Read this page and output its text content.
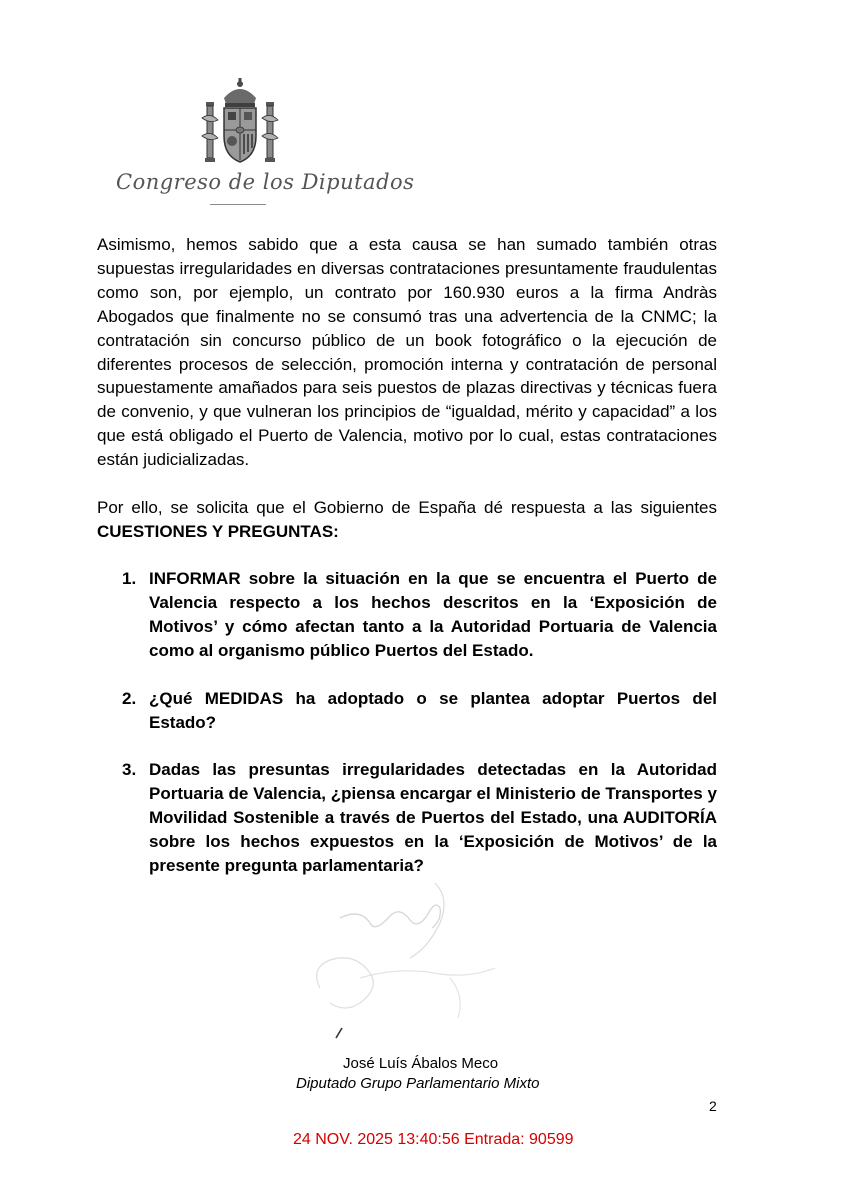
Congreso de los Diputados

Asimismo, hemos sabido que a esta causa se han sumado también otras supuestas irregularidades en diversas contrataciones presuntamente fraudulentas como son, por ejemplo, un contrato por 160.930 euros a la firma Andràs Abogados que finalmente no se consumó tras una advertencia de la CNMC; la contratación sin concurso público de un book fotográfico o la ejecución de diferentes procesos de selección, promoción interna y contratación de personal supuestamente amañados para seis puestos de plazas directivas y técnicas fuera de convenio, y que vulneran los principios de “igualdad, mérito y capacidad” a los que está obligado el Puerto de Valencia, motivo por lo cual, estas contrataciones están judicializadas.

Por ello, se solicita que el Gobierno de España dé respuesta a las siguientes CUESTIONES Y PREGUNTAS:

1. INFORMAR sobre la situación en la que se encuentra el Puerto de Valencia respecto a los hechos descritos en la ‘Exposición de Motivos’ y cómo afectan tanto a la Autoridad Portuaria de Valencia como al organismo público Puertos del Estado.
2. ¿Qué MEDIDAS ha adoptado o se plantea adoptar Puertos del Estado?
3. Dadas las presuntas irregularidades detectadas en la Autoridad Portuaria de Valencia, ¿piensa encargar el Ministerio de Transportes y Movilidad Sostenible a través de Puertos del Estado, una AUDITORÍA sobre los hechos expuestos en la ‘Exposición de Motivos’ de la presente pregunta parlamentaria?
José Luís Ábalos Meco
Diputado Grupo Parlamentario Mixto
2
24 NOV. 2025 13:40:56 Entrada: 90599
